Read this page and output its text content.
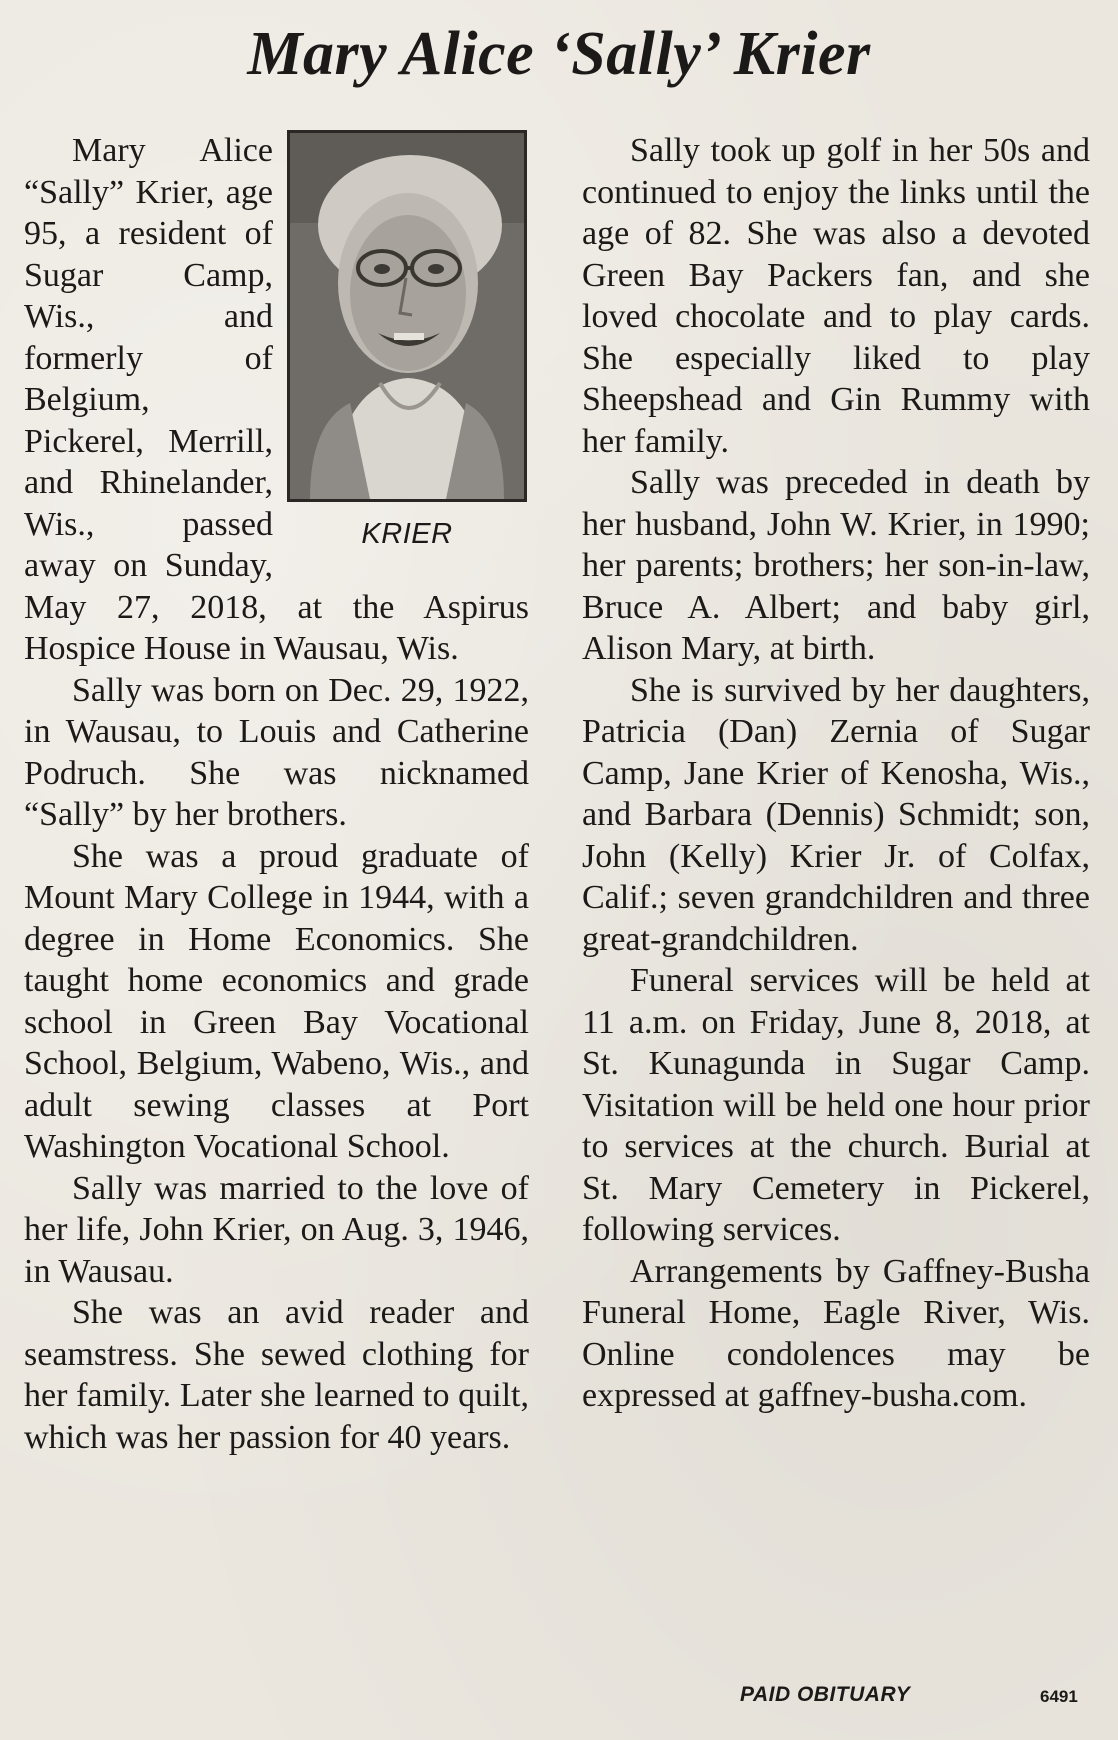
Mary Alice ‘Sally’ Krier
KRIER

Mary Alice “Sally” Krier, age 95, a resident of Sugar Camp, Wis., and formerly of Belgium, Pickerel, Merrill, and Rhinelander, Wis., passed away on Sunday, May 27, 2018, at the Aspirus Hospice House in Wausau, Wis.

Sally was born on Dec. 29, 1922, in Wausau, to Louis and Catherine Podruch. She was nicknamed “Sally” by her brothers.

She was a proud graduate of Mount Mary College in 1944, with a degree in Home Economics. She taught home economics and grade school in Green Bay Vocational School, Belgium, Wabeno, Wis., and adult sewing classes at Port Washington Vocational School.

Sally was married to the love of her life, John Krier, on Aug. 3, 1946, in Wausau.

She was an avid reader and seamstress. She sewed clothing for her family. Later she learned to quilt, which was her passion for 40 years.

Sally took up golf in her 50s and continued to enjoy the links until the age of 82. She was also a devoted Green Bay Packers fan, and she loved chocolate and to play cards. She especially liked to play Sheepshead and Gin Rummy with her family.

Sally was preceded in death by her husband, John W. Krier, in 1990; her parents; brothers; her son-in-law, Bruce A. Albert; and baby girl, Alison Mary, at birth.

She is survived by her daughters, Patricia (Dan) Zernia of Sugar Camp, Jane Krier of Kenosha, Wis., and Barbara (Dennis) Schmidt; son, John (Kelly) Krier Jr. of Colfax, Calif.; seven grandchildren and three great-grandchildren.

Funeral services will be held at 11 a.m. on Friday, June 8, 2018, at St. Kunagunda in Sugar Camp. Visitation will be held one hour prior to services at the church. Burial at St. Mary Cemetery in Pickerel, following services.

Arrangements by Gaffney-Busha Funeral Home, Eagle River, Wis. Online condolences may be expressed at gaffney-busha.com.

PAID OBITUARY	6491
